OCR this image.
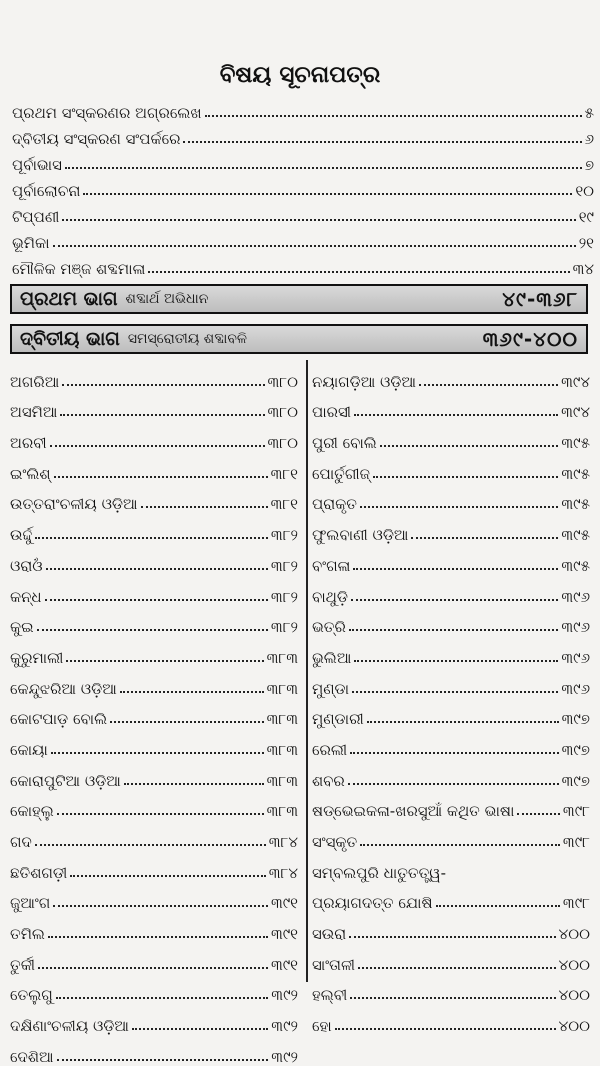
ବିଷୟ ସୂଚନାପତ୍ର
ପ୍ରଥମ ସଂସ୍କରଣର ଅଗ୍ରଲେଖ	୫
ଦ୍ବିତୀୟ ସଂସ୍କରଣ ସଂପର୍କରେ	୬
ପୂର୍ବାଭାସ	୭
ପୂର୍ବାଲୋଚନା	୧୦
ଟିପ୍ପଣୀ	୧୯
ଭୂମିକା	୨୧
ମୌଳିକ ମଞ୍ଜ ଶବ୍ଦମାଳା	୩୪
ପ୍ରଥମ ଭାଗ ଶବ୍ଦାର୍ଥ ଅଭିଧାନ	୪୯-୩୬୮
ଦ୍ବିତୀୟ ଭାଗ ସମସ୍ରୋତୀୟ ଶବ୍ଦାବଳି	୩୬୯-୪୦୦
ଅଗରିଆ	୩୮୦
ଅସମିଆ	୩୮୦
ଅରବୀ	୩୮୦
ଇଂଲିଶ୍	୩୮୧
ଉତ୍ତରାଂଚଳୀୟ ଓଡ଼ିଆ	୩୮୧
ଉର୍ଦ୍ଦୁ	୩୮୨
ଓରାଓଁ	୩୮୨
କନ୍ଧ	୩୮୨
କୁଇ	୩୮୨
କୁରୁମାଲୀ	୩୮୩
କେନ୍ଦୁଝରିଆ ଓଡ଼ିଆ	୩୮୩
କୋଟପାଡ଼ ବୋଲି	୩୮୩
କୋୟା	୩୮୩
କୋରାପୁଟିଆ ଓଡ଼ିଆ	୩୮୩
କୋହ୍ଲୁ	୩୮୩
ଗଦ	୩୮୪
ଛତିଶଗଡ଼ୀ	୩୮୪
ଜୁଆଂଗ	୩୯୧
ତମିଲ	୩୯୧
ତୁର୍କୀ	୩୯୧
ତେଲୁଗୁ	୩୯୨
ଦକ୍ଷିଣାଂଚଳୀୟ ଓଡ଼ିଆ	୩୯୨
ଦେଶିଆ	୩୯୨
ନୟାଗଡ଼ିଆ ଓଡ଼ିଆ	୩୯୪
ପାରସୀ	୩୯୪
ପୁରୀ ବୋଲି	୩୯୫
ପୋର୍ତୁଗୀଜ୍	୩୯୫
ପ୍ରାକୃତ	୩୯୫
ଫୁଲବାଣୀ ଓଡ଼ିଆ	୩୯୫
ବଂଗଳା	୩୯୫
ବାଥୁଡ଼ି	୩୯୬
ଭତ୍ରି	୩୯୬
ଭୁଲିଆ	୩୯୬
ମୁଣ୍ଡା	୩୯୬
ମୁଣ୍ଡାରୀ	୩୯୭
ରେଲୀ	୩୯୭
ଶବର	୩୯୭
ଷଡ୍ଭେଇକଳା-ଖରସୁଆଁ କଥିତ ଭାଷା	୩୯୮
ସଂସ୍କୃତ	୩୯୮
ସମ୍ବଲପୁରି ଧାତୁତତ୍ତ୍ୱ-
ପ୍ରୟାଗଦତ୍ତ ଯୋଷି	୩୯୮
ସଉରା	୪୦୦
ସାଂତାଳୀ	୪୦୦
ହଲ୍ବୀ	୪୦୦
ହୋ	୪୦୦
